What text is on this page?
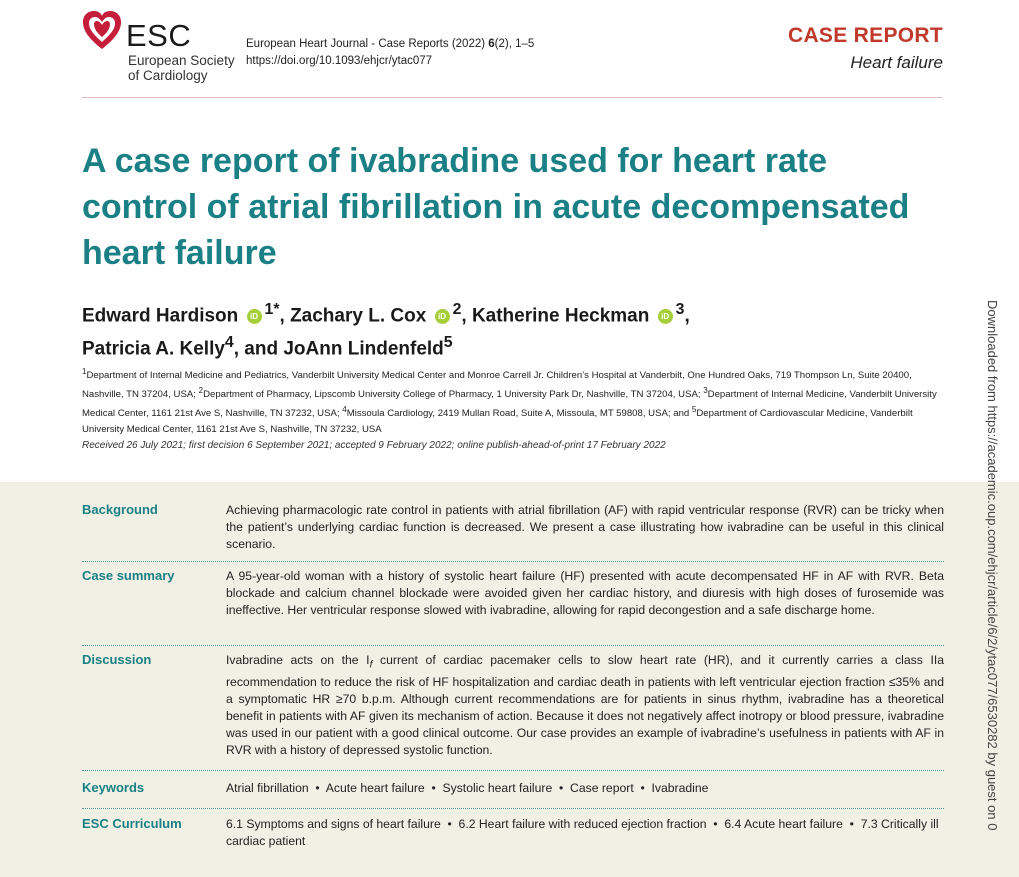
ESC
European Society
of Cardiology
European Heart Journal - Case Reports (2022) 6(2), 1–5
https://doi.org/10.1093/ehjcr/ytac077
CASE REPORT
Heart failure
A case report of ivabradine used for heart rate control of atrial fibrillation in acute decompensated heart failure
Edward Hardison iD $^{1*}$, Zachary L. Cox iD $^2$, Katherine Heckman iD $^3$,
Patricia A. Kelly$^4$, and JoAnn Lindenfeld$^5$
$^1$Department of Internal Medicine and Pediatrics, Vanderbilt University Medical Center and Monroe Carrell Jr. Children’s Hospital at Vanderbilt, One Hundred Oaks, 719 Thompson Ln, Suite 20400, Nashville, TN 37204, USA; $^2$Department of Pharmacy, Lipscomb University College of Pharmacy, 1 University Park Dr, Nashville, TN 37204, USA; $^3$Department of Internal Medicine, Vanderbilt University Medical Center, 1161 21st Ave S, Nashville, TN 37232, USA; $^4$Missoula Cardiology, 2419 Mullan Road, Suite A, Missoula, MT 59808, USA; and $^5$Department of Cardiovascular Medicine, Vanderbilt University Medical Center, 1161 21st Ave S, Nashville, TN 37232, USA
Received 26 July 2021; first decision 6 September 2021; accepted 9 February 2022; online publish-ahead-of-print 17 February 2022
Background	Achieving pharmacologic rate control in patients with atrial fibrillation (AF) with rapid ventricular response (RVR) can be tricky when the patient’s underlying cardiac function is decreased. We present a case illustrating how ivabradine can be useful in this clinical scenario.
Case summary	A 95-year-old woman with a history of systolic heart failure (HF) presented with acute decompensated HF in AF with RVR. Beta blockade and calcium channel blockade were avoided given her cardiac history, and diuresis with high doses of furosemide was ineffective. Her ventricular response slowed with ivabradine, allowing for rapid decongestion and a safe discharge home.
Discussion	Ivabradine acts on the $I_f$ current of cardiac pacemaker cells to slow heart rate (HR), and it currently carries a class IIa recommendation to reduce the risk of HF hospitalization and cardiac death in patients with left ventricular ejection fraction ≤35% and a symptomatic HR ≥70 b.p.m. Although current recommendations are for patients in sinus rhythm, ivabradine has a theoretical benefit in patients with AF given its mechanism of action. Because it does not negatively affect inotropy or blood pressure, ivabradine was used in our patient with a good clinical outcome. Our case provides an example of ivabradine’s usefulness in patients with AF in RVR with a history of depressed systolic function.
Keywords	Atrial fibrillation  •  Acute heart failure  •  Systolic heart failure  •  Case report  •  Ivabradine
ESC Curriculum	6.1 Symptoms and signs of heart failure  •  6.2 Heart failure with reduced ejection fraction  •  6.4 Acute heart failure  •  7.3 Critically ill cardiac patient
Downloaded from https://academic.oup.com/ehjcr/article/6/2/ytac077/6530282 by guest on 0
